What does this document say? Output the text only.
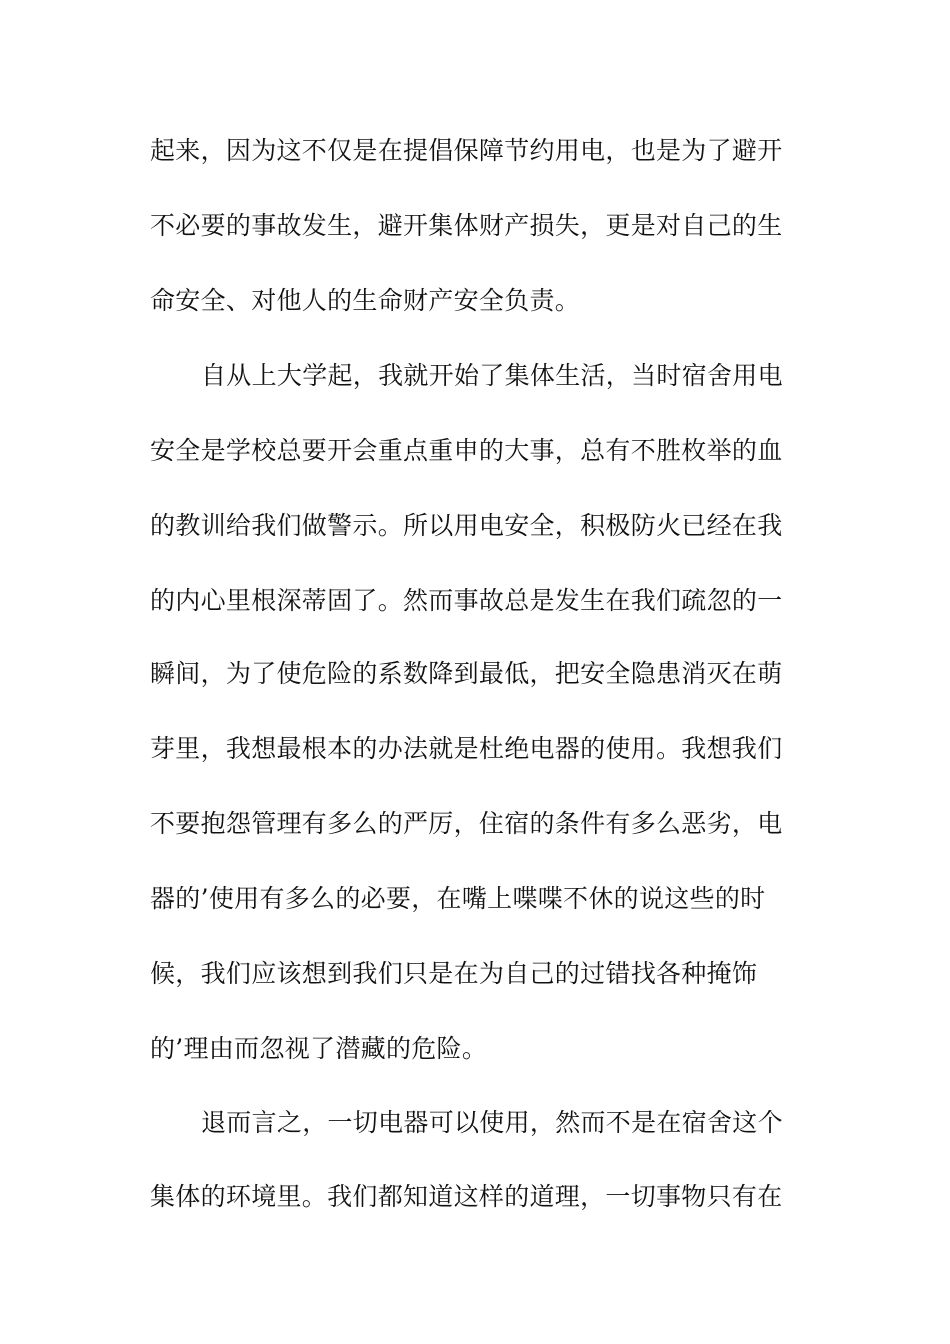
起来，因为这不仅是在提倡保障节约用电，也是为了避开
不必要的事故发生，避开集体财产损失，更是对自己的生
命安全、对他人的生命财产安全负责。
自从上大学起，我就开始了集体生活，当时宿舍用电
安全是学校总要开会重点重申的大事，总有不胜枚举的血
的教训给我们做警示。所以用电安全，积极防火已经在我
的内心里根深蒂固了。然而事故总是发生在我们疏忽的一
瞬间，为了使危险的系数降到最低，把安全隐患消灭在萌
芽里，我想最根本的办法就是杜绝电器的使用。我想我们
不要抱怨管理有多么的严厉，住宿的条件有多么恶劣，电
器的’使用有多么的必要，在嘴上喋喋不休的说这些的时
候，我们应该想到我们只是在为自己的过错找各种掩饰
的’理由而忽视了潜藏的危险。
退而言之，一切电器可以使用，然而不是在宿舍这个
集体的环境里。我们都知道这样的道理，一切事物只有在
